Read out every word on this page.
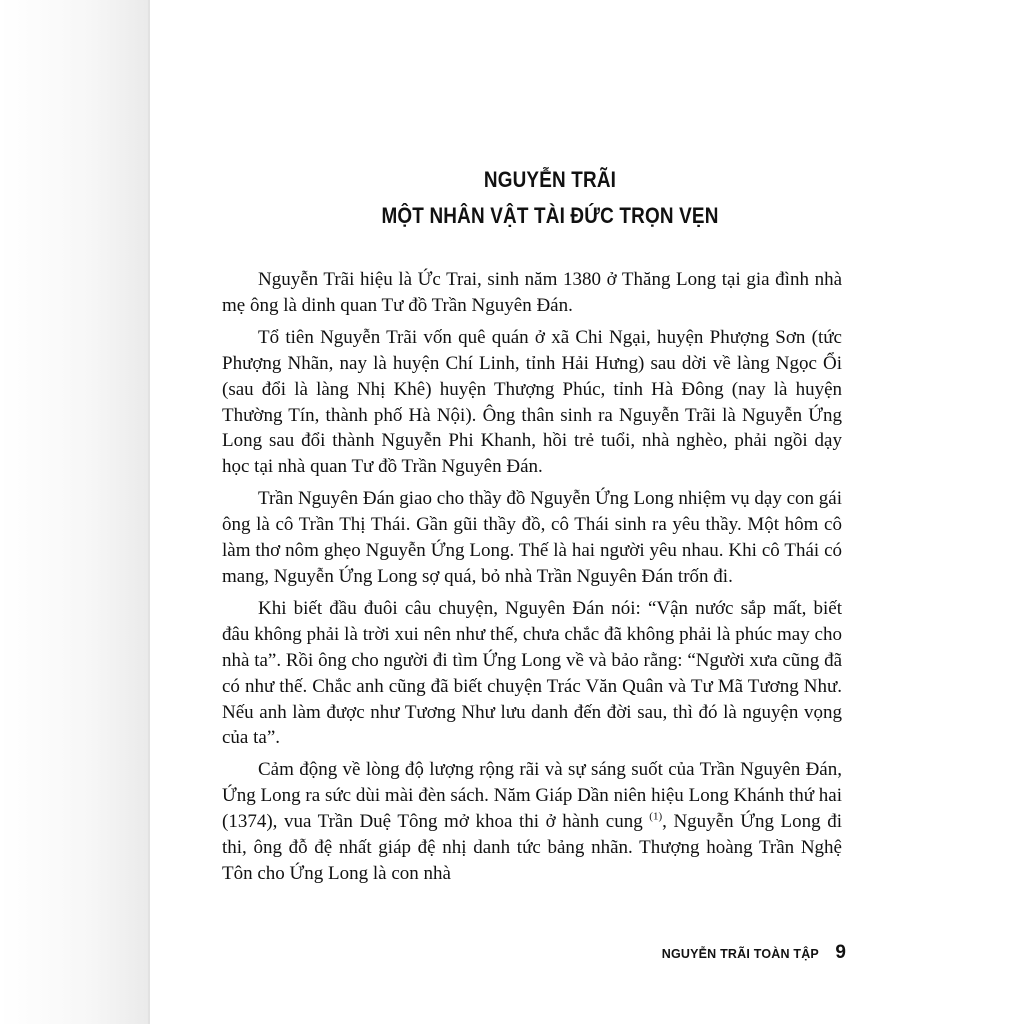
NGUYỄN TRÃI
MỘT NHÂN VẬT TÀI ĐỨC TRỌN VẸN

Nguyễn Trãi hiệu là Ức Trai, sinh năm 1380 ở Thăng Long tại gia đình nhà mẹ ông là dinh quan Tư đồ Trần Nguyên Đán.

Tổ tiên Nguyễn Trãi vốn quê quán ở xã Chi Ngại, huyện Phượng Sơn (tức Phượng Nhãn, nay là huyện Chí Linh, tỉnh Hải Hưng) sau dời về làng Ngọc Ổi (sau đổi là làng Nhị Khê) huyện Thượng Phúc, tỉnh Hà Đông (nay là huyện Thường Tín, thành phố Hà Nội). Ông thân sinh ra Nguyễn Trãi là Nguyễn Ứng Long sau đổi thành Nguyễn Phi Khanh, hồi trẻ tuổi, nhà nghèo, phải ngồi dạy học tại nhà quan Tư đồ Trần Nguyên Đán.

Trần Nguyên Đán giao cho thầy đồ Nguyễn Ứng Long nhiệm vụ dạy con gái ông là cô Trần Thị Thái. Gần gũi thầy đồ, cô Thái sinh ra yêu thầy. Một hôm cô làm thơ nôm ghẹo Nguyễn Ứng Long. Thế là hai người yêu nhau. Khi cô Thái có mang, Nguyễn Ứng Long sợ quá, bỏ nhà Trần Nguyên Đán trốn đi.

Khi biết đầu đuôi câu chuyện, Nguyên Đán nói: “Vận nước sắp mất, biết đâu không phải là trời xui nên như thế, chưa chắc đã không phải là phúc may cho nhà ta”. Rồi ông cho người đi tìm Ứng Long về và bảo rằng: “Người xưa cũng đã có như thế. Chắc anh cũng đã biết chuyện Trác Văn Quân và Tư Mã Tương Như. Nếu anh làm được như Tương Như lưu danh đến đời sau, thì đó là nguyện vọng của ta”.

Cảm động về lòng độ lượng rộng rãi và sự sáng suốt của Trần Nguyên Đán, Ứng Long ra sức dùi mài đèn sách. Năm Giáp Dần niên hiệu Long Khánh thứ hai (1374), vua Trần Duệ Tông mở khoa thi ở hành cung $^{(1)}$, Nguyễn Ứng Long đi thi, ông đỗ đệ nhất giáp đệ nhị danh tức bảng nhãn. Thượng hoàng Trần Nghệ Tôn cho Ứng Long là con nhà

NGUYỄN TRÃI TOÀN TẬP 9
